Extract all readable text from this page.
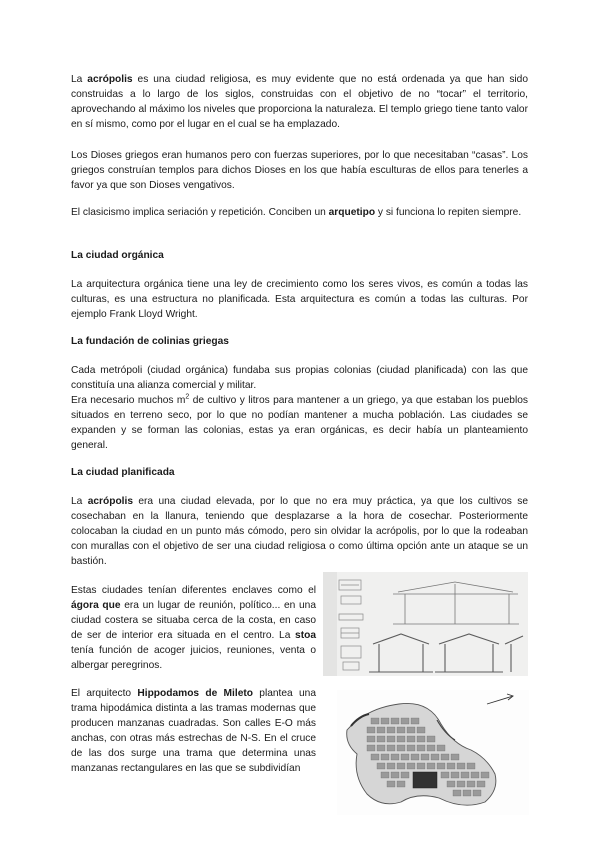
La acrópolis es una ciudad religiosa, es muy evidente que no está ordenada ya que han sido construidas a lo largo de los siglos, construidas con el objetivo de no “tocar” el territorio, aprovechando al máximo los niveles que proporciona la naturaleza. El templo griego tiene tanto valor en sí mismo, como por el lugar en el cual se ha emplazado.

Los Dioses griegos eran humanos pero con fuerzas superiores, por lo que necesitaban “casas”. Los griegos construían templos para dichos Dioses en los que había esculturas de ellos para tenerles a favor ya que son Dioses vengativos.

El clasicismo implica seriación y repetición. Conciben un arquetipo y si funciona lo repiten siempre.

La ciudad orgánica

La arquitectura orgánica tiene una ley de crecimiento como los seres vivos, es común a todas las culturas, es una estructura no planificada. Esta arquitectura es común a todas las culturas. Por ejemplo Frank Lloyd Wright.

La fundación de colinias griegas

Cada metrópoli (ciudad orgánica) fundaba sus propias colonias (ciudad planificada) con las que constituía una alianza comercial y militar.

Era necesario muchos $m^2$ de cultivo y litros para mantener a un griego, ya que estaban los pueblos situados en terreno seco, por lo que no podían mantener a mucha población. Las ciudades se expanden y se forman las colonias, estas ya eran orgánicas, es decir había un planteamiento general.

La ciudad planificada

La acrópolis era una ciudad elevada, por lo que no era muy práctica, ya que los cultivos se cosechaban en la llanura, teniendo que desplazarse a la hora de cosechar. Posteriormente colocaban la ciudad en un punto más cómodo, pero sin olvidar la acrópolis, por lo que la rodeaban con murallas con el objetivo de ser una ciudad religiosa o como última opción ante un ataque se un bastión.

Estas ciudades tenían diferentes enclaves como el ágora que era un lugar de reunión, político... en una ciudad costera se situaba cerca de la costa, en caso de ser de interior era situada en el centro. La stoa tenía función de acoger juicios, reuniones, venta o albergar peregrinos.

El arquitecto Hippodamos de Mileto plantea una trama hipodámica distinta a las tramas modernas que producen manzanas cuadradas. Son calles E-O más anchas, con otras más estrechas de N-S. En el cruce de las dos surge una trama que determina unas manzanas rectangulares en las que se subdividían
